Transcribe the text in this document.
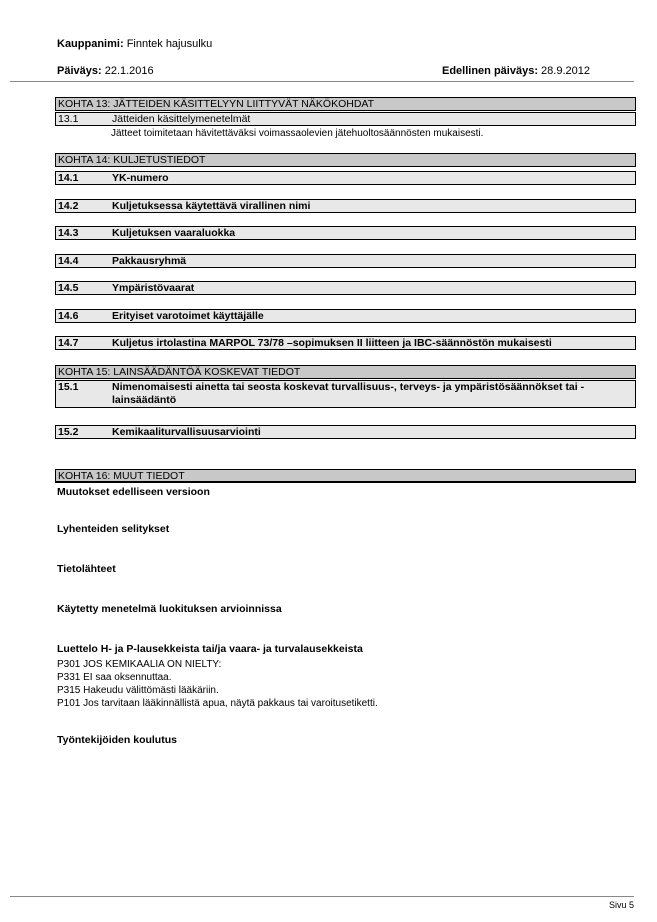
Kauppanimi: Finntek hajusulku
Päiväys: 22.1.2016	Edellinen päiväys: 28.9.2012
KOHTA 13: JÄTTEIDEN KÄSITTELYYN LIITTYVÄT NÄKÖKOHDAT
13.1	Jätteiden käsittelymenetelmät
Jätteet toimitetaan hävitettäväksi voimassaolevien jätehuoltosäännösten mukaisesti.
KOHTA 14: KULJETUSTIEDOT
14.1	YK-numero
14.2	Kuljetuksessa käytettävä virallinen nimi
14.3	Kuljetuksen vaaraluokka
14.4	Pakkausryhmä
14.5	Ympäristövaarat
14.6	Erityiset varotoimet käyttäjälle
14.7	Kuljetus irtolastina MARPOL 73/78 –sopimuksen II liitteen ja IBC-säännöstön mukaisesti
KOHTA 15: LAINSÄÄDÄNTÖÄ KOSKEVAT TIEDOT
15.1	Nimenomaisesti ainetta tai seosta koskevat turvallisuus-, terveys- ja ympäristösäännökset tai -lainsäädäntö
15.2	Kemikaaliturvallisuusarviointi
KOHTA 16: MUUT TIEDOT
Muutokset edelliseen versioon
Lyhenteiden selitykset
Tietolähteet
Käytetty menetelmä luokituksen arvioinnissa
Luettelo H- ja P-lausekkeista tai/ja vaara- ja turvalausekkeista
P301 JOS KEMIKAALIA ON NIELTY:
P331 EI saa oksennuttaa.
P315 Hakeudu välittömästi lääkäriin.
P101 Jos tarvitaan lääkinnällistä apua, näytä pakkaus tai varoitusetiketti.
Työntekijöiden koulutus
Sivu 5
